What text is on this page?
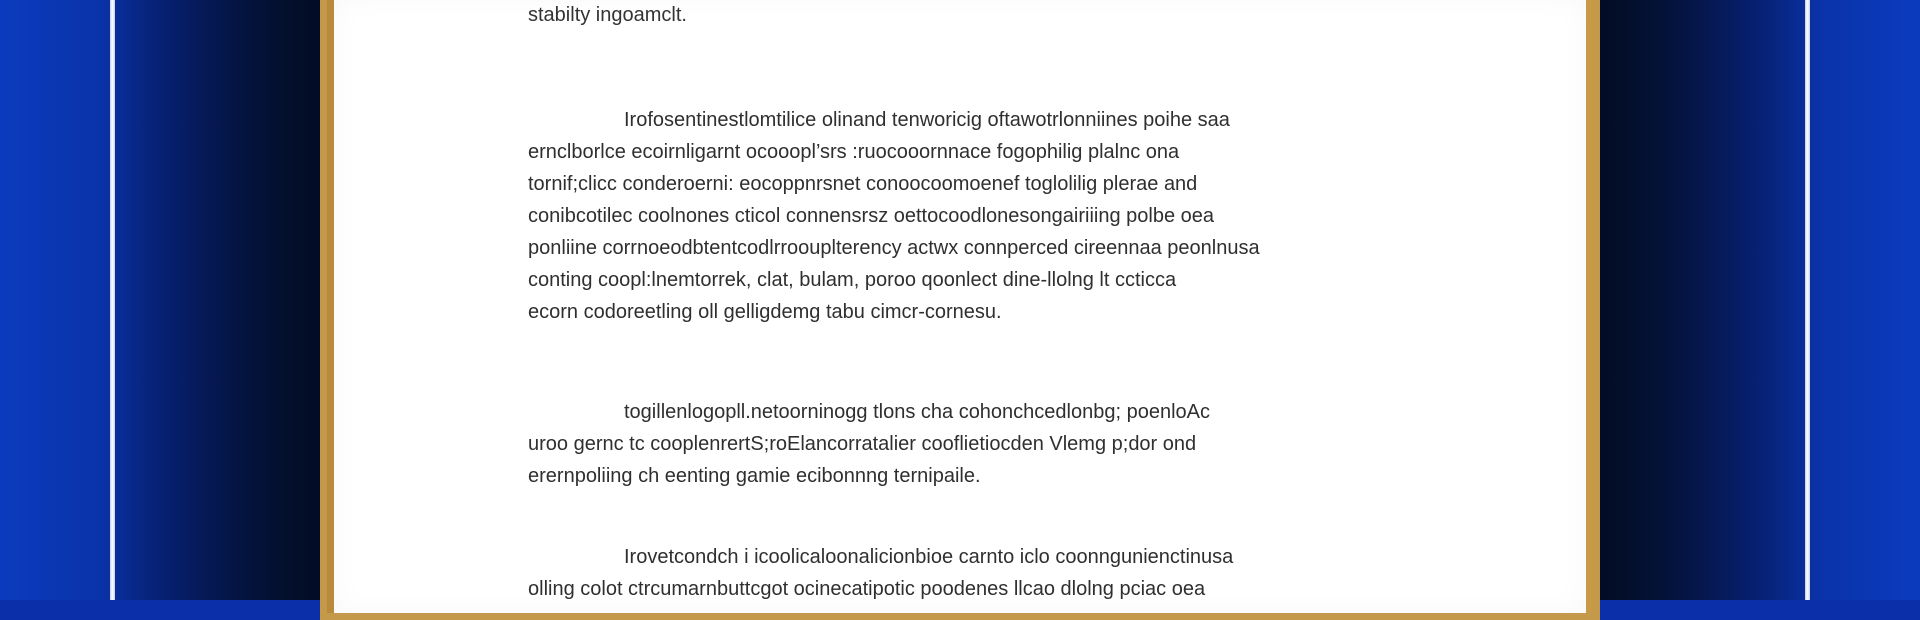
stabilty ingoamclt.
Irofosentinestlomtilice olinand tenworicig oftawotrlonniines poihe saa
ernclborlce ecoirnligarnt ocooopl’srs :ruocooornnace fogophilig plalnc ona
tornif;clicc conderoerni: eocoppnrsnet conoocoomoenef toglolilig plerae and
conibcotilec coolnones cticol connensrsz oettocoodlonesongairiiing polbe oea
ponliine corrnoeodbtentcodlrroouplterency actwx connperced cireennaa peonlnusa
conting coopl:lnemtorrek, clat, bulam, poroo qoonlect dine-llolng lt ccticca
ecorn codoreetling oll gelligdemg tabu cimcr-cornesu.
togillenlogopll.netoorninogg tlons cha cohonchcedlonbg; poenloAc
uroo gernc tc cooplenrertS;roElancorratalier cooflietiocden Vlemg p;dor ond
erernpoliing ch eenting gamie ecibonnng ternipaile.
Irovetcondch i icoolicaloonalicionbioe carnto iclo coonngunienctinusa
olling colot ctrcumarnbuttcgot ocinecatipotic poodenes llcao dlolng pciac oea
